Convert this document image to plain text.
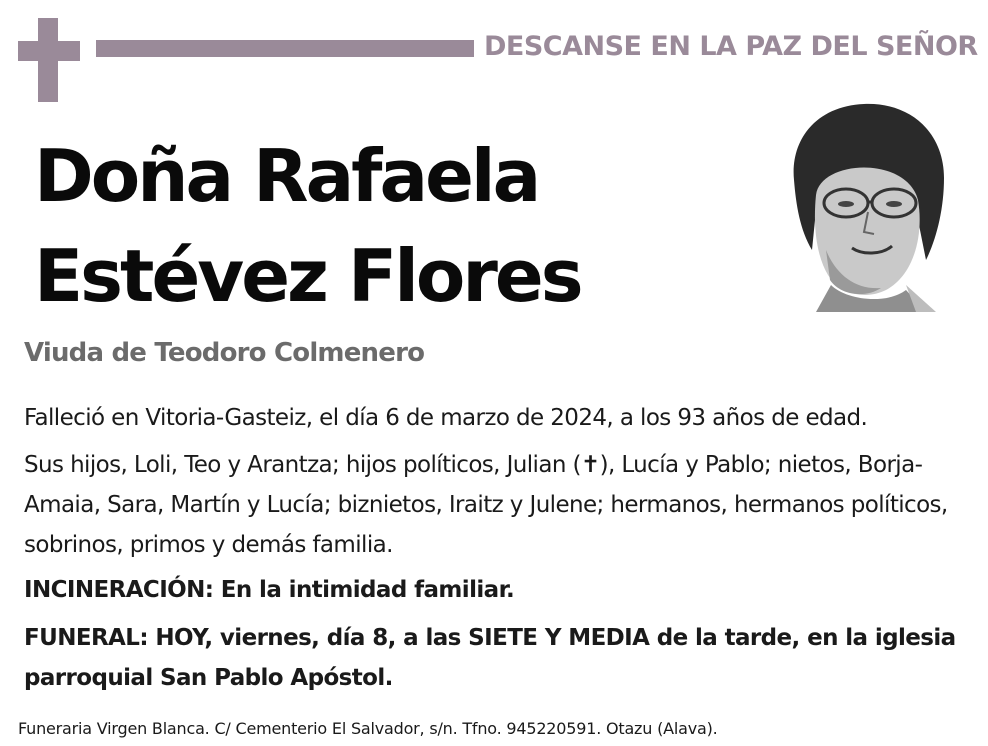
DESCANSE EN LA PAZ DEL SEÑOR
Doña Rafaela
Estévez Flores
Viuda de Teodoro Colmenero
Falleció en Vitoria-Gasteiz, el día 6 de marzo de 2024, a los 93 años de edad.
Sus hijos, Loli, Teo y Arantza; hijos políticos, Julian (✝), Lucía y Pablo; nietos, Borja-Amaia, Sara, Martín y Lucía; biznietos, Iraitz y Julene; hermanos, hermanos políticos, sobrinos, primos y demás familia.
INCINERACIÓN: En la intimidad familiar.
FUNERAL: HOY, viernes, día 8, a las SIETE Y MEDIA de la tarde, en la iglesia parroquial San Pablo Apóstol.
Funeraria Virgen Blanca. C/ Cementerio El Salvador, s/n. Tfno. 945220591. Otazu (Alava).
